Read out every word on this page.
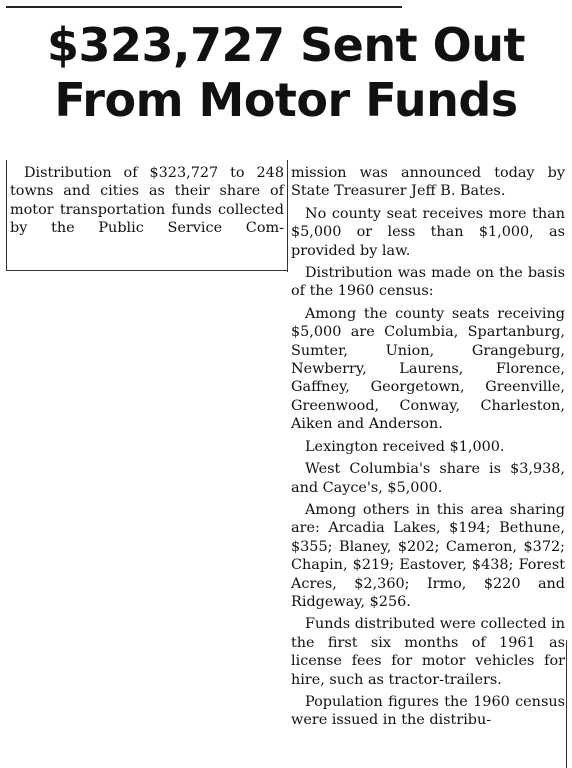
$323,727 Sent Out
From Motor Funds

Distribution of $323,727 to 248 towns and cities as their share of motor transportation funds collected by the Public Service Com-

mission was announced today by State Treasurer Jeff B. Bates.

No county seat receives more than $5,000 or less than $1,000, as provided by law.

Distribution was made on the basis of the 1960 census:

Among the county seats receiving $5,000 are Columbia, Spartanburg, Sumter, Union, Grangeburg, Newberry, Laurens, Florence, Gaffney, Georgetown, Greenville, Greenwood, Conway, Charleston, Aiken and Anderson.

Lexington received $1,000.

West Columbia's share is $3,938, and Cayce's, $5,000.

Among others in this area sharing are: Arcadia Lakes, $194; Bethune, $355; Blaney, $202; Cameron, $372; Chapin, $219; Eastover, $438; Forest Acres, $2,360; Irmo, $220 and Ridgeway, $256.

Funds distributed were collected in the first six months of 1961 as license fees for motor vehicles for hire, such as tractor-trailers.

Population figures the 1960 census were issued in the distribu-
